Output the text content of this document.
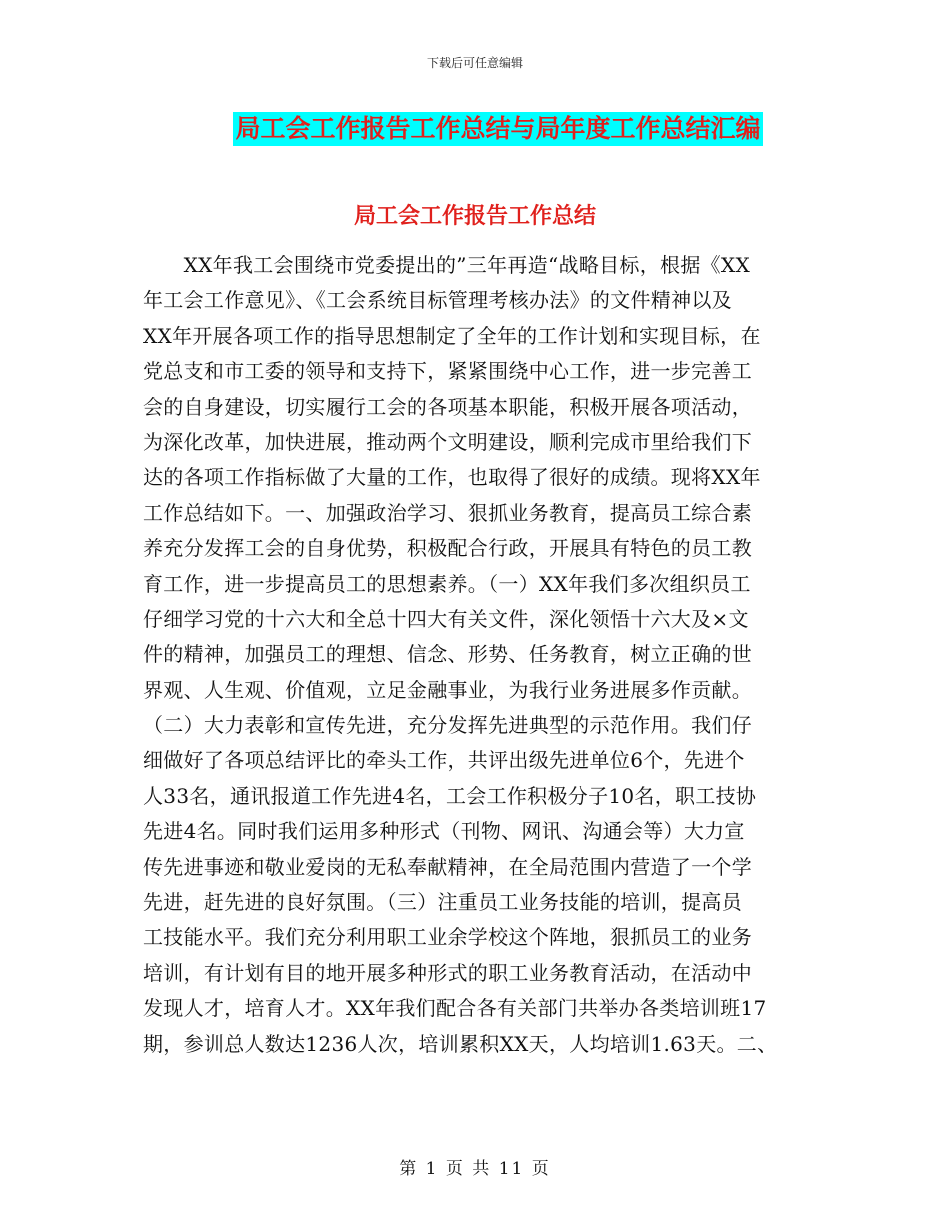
下载后可任意编辑
局工会工作报告工作总结与局年度工作总结汇编
局工会工作报告工作总结
　　XX年我工会围绕市党委提出的”三年再造“战略目标，根据《XX
年工会工作意见》、《工会系统目标管理考核办法》的文件精神以及
XX年开展各项工作的指导思想制定了全年的工作计划和实现目标，在
党总支和市工委的领导和支持下，紧紧围绕中心工作，进一步完善工
会的自身建设，切实履行工会的各项基本职能，积极开展各项活动，
为深化改革，加快进展，推动两个文明建设，顺利完成市里给我们下
达的各项工作指标做了大量的工作，也取得了很好的成绩。现将XX年
工作总结如下。一、加强政治学习、狠抓业务教育，提高员工综合素
养充分发挥工会的自身优势，积极配合行政，开展具有特色的员工教
育工作，进一步提高员工的思想素养。（一）XX年我们多次组织员工
仔细学习党的十六大和全总十四大有关文件，深化领悟十六大及×文
件的精神，加强员工的理想、信念、形势、任务教育，树立正确的世
界观、人生观、价值观，立足金融事业，为我行业务进展多作贡献。
（二）大力表彰和宣传先进，充分发挥先进典型的示范作用。我们仔
细做好了各项总结评比的牵头工作，共评出级先进单位6个，先进个
人33名，通讯报道工作先进4名，工会工作积极分子10名，职工技协
先进4名。同时我们运用多种形式（刊物、网讯、沟通会等）大力宣
传先进事迹和敬业爱岗的无私奉献精神，在全局范围内营造了一个学
先进，赶先进的良好氛围。（三）注重员工业务技能的培训，提高员
工技能水平。我们充分利用职工业余学校这个阵地，狠抓员工的业务
培训，有计划有目的地开展多种形式的职工业务教育活动，在活动中
发现人才，培育人才。XX年我们配合各有关部门共举办各类培训班17
期，参训总人数达1236人次，培训累积XX天，人均培训1.63天。二、
第 1 页 共 11 页
